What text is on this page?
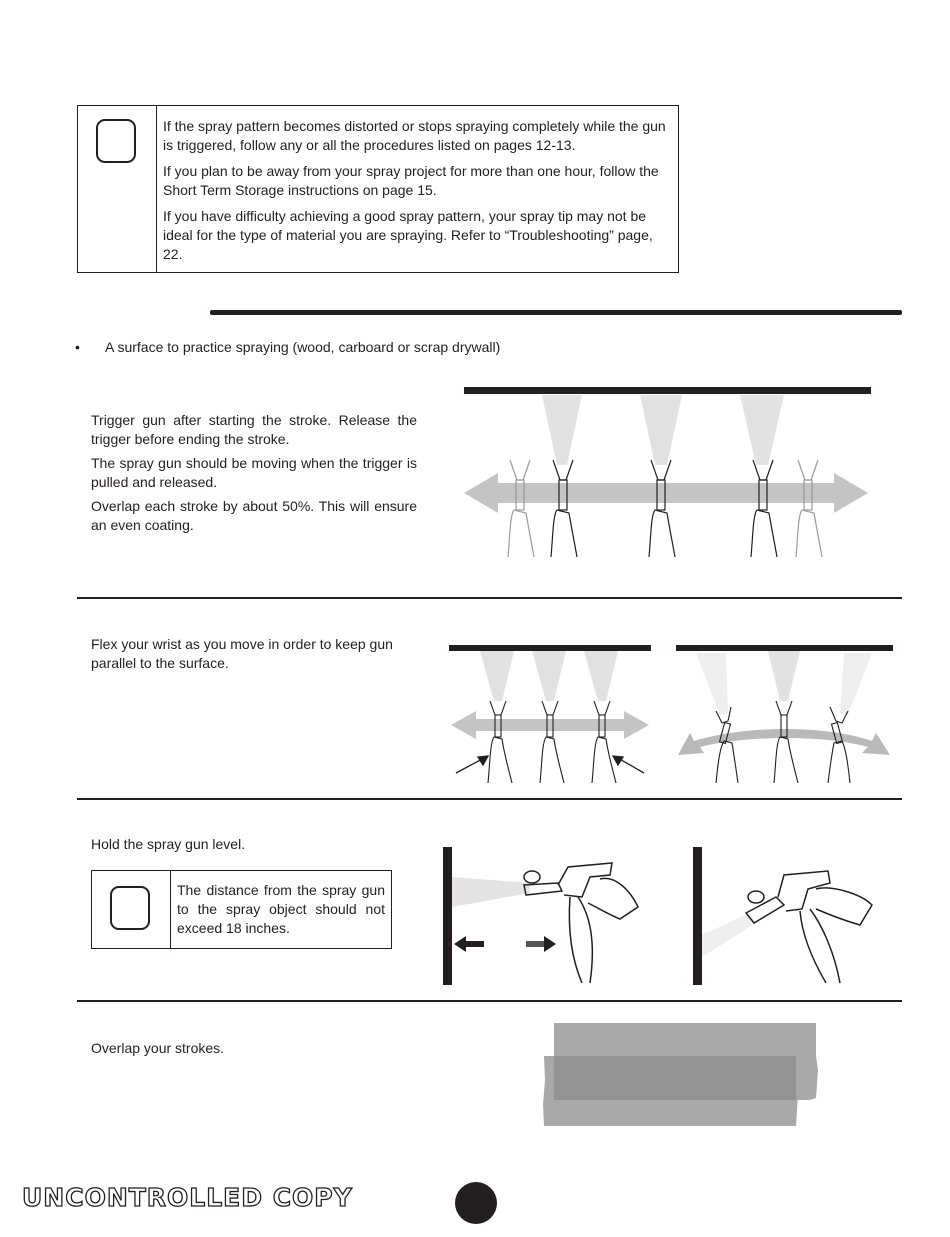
If the spray pattern becomes distorted or stops spraying completely while the gun is triggered, follow any or all the procedures listed on pages 12-13.

If you plan to be away from your spray project for more than one hour, follow the Short Term Storage instructions on page 15.

If you have difficulty achieving a good spray pattern, your spray tip may not be ideal for the type of material you are spraying. Refer to “Troubleshooting” page, 22.

• A surface to practice spraying (wood, carboard or scrap drywall)

Trigger gun after starting the stroke. Release the trigger before ending the stroke.

The spray gun should be moving when the trigger is pulled and released.

Overlap each stroke by about 50%. This will ensure an even coating.

Flex your wrist as you move in order to keep gun parallel to the surface.

Hold the spray gun level.

The distance from the spray gun to the spray object should not exceed 18 inches.

Overlap your strokes.
UNCONTROLLED COPY
